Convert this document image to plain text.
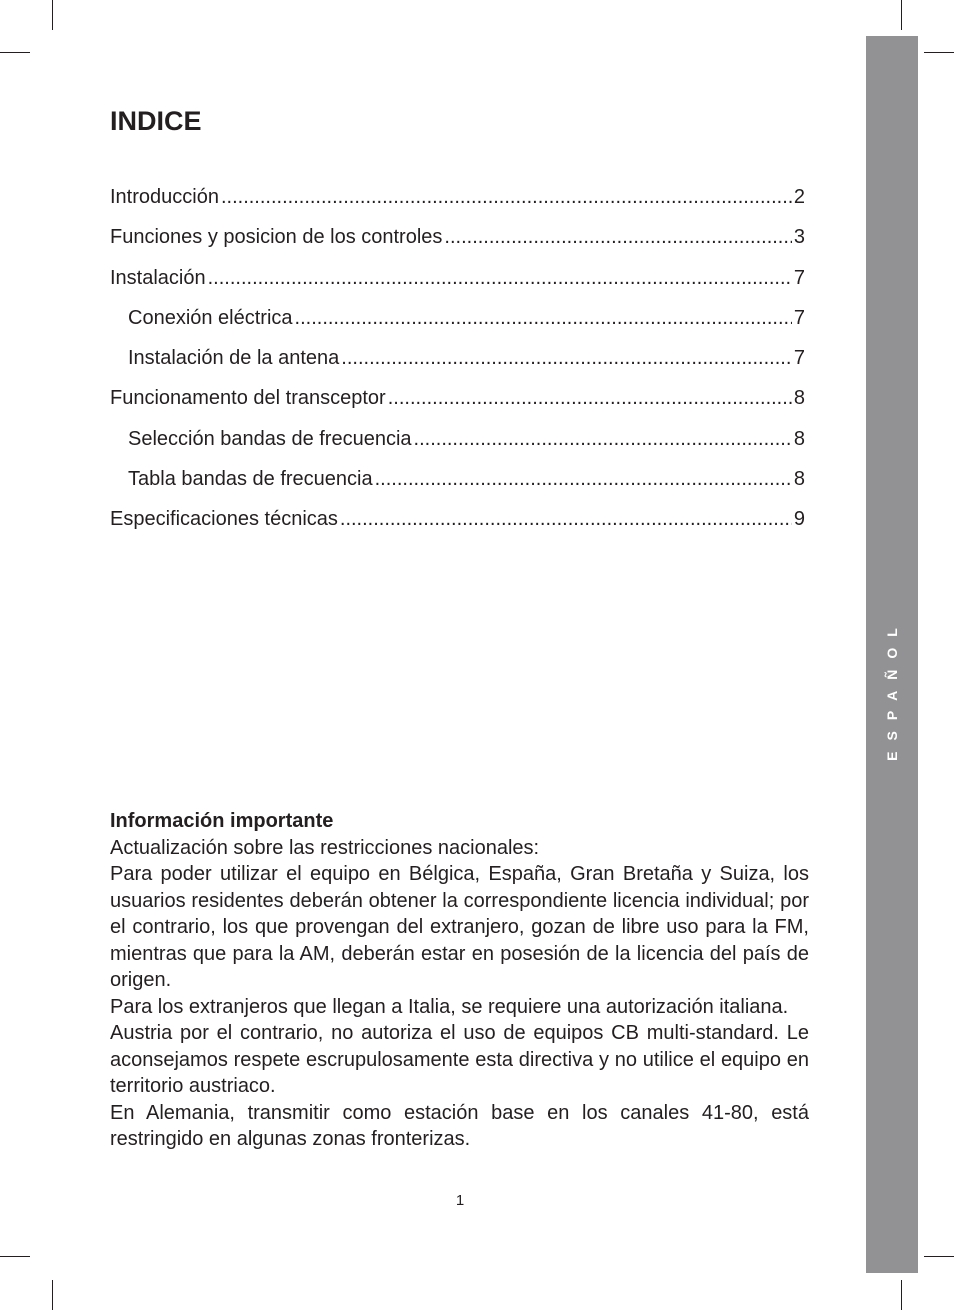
ESPAÑOL
INDICE
Introducción .....	2
Funciones y posicion de los controles .....	3
Instalación .....	7
Conexión eléctrica .....	7
Instalación de la antena .....	7
Funcionamento del transceptor .....	8
Selección bandas de frecuencia .....	8
Tabla bandas de frecuencia .....	8
Especificaciones técnicas .....	9

Información importante

Actualización sobre las restricciones nacionales:

Para poder utilizar el equipo en Bélgica, España, Gran Bretaña y Suiza, los usuarios residentes deberán obtener la correspondiente licencia individual; por el contrario, los que provengan del extranjero, gozan de libre uso para la FM, mientras que para la AM, deberán estar en posesión de la licencia del país de origen.

Para los extranjeros que llegan a Italia, se requiere una autorización italiana.

Austria por el contrario, no autoriza el uso de equipos CB multi-standard. Le aconsejamos respete escrupulosamente esta directiva y no utilice el equipo en territorio austriaco.

En Alemania, transmitir como estación base en los canales 41-80, está restringido en algunas zonas fronterizas.

1
